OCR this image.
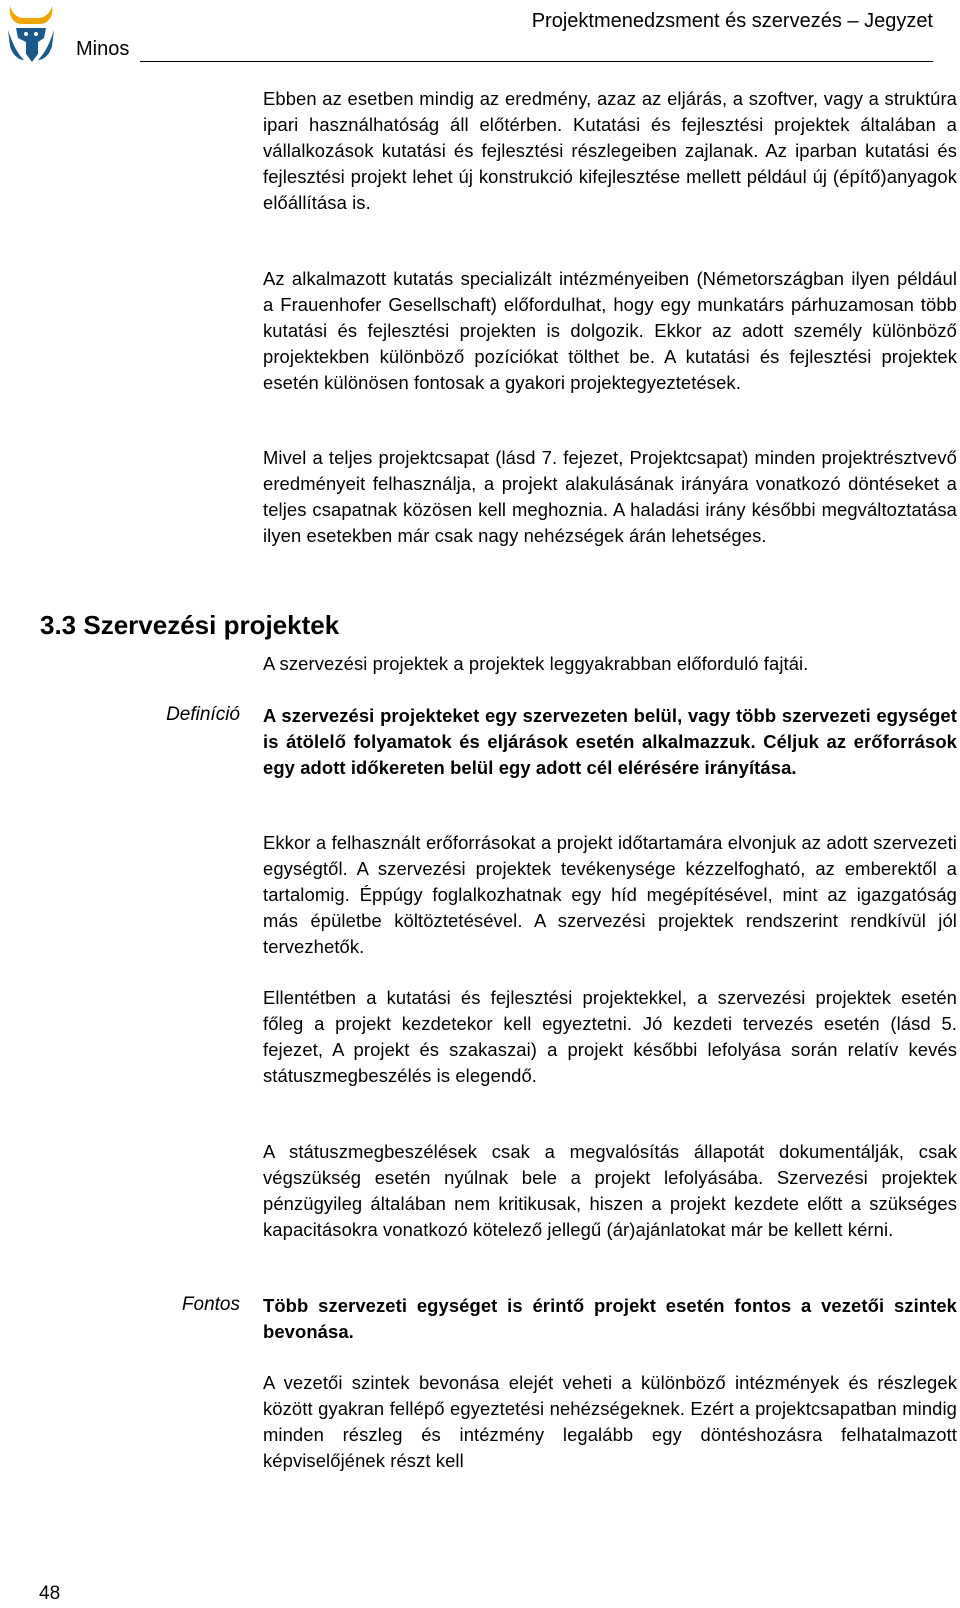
Minos
Projektmenedzsment és szervezés – Jegyzet

Ebben az esetben mindig az eredmény, azaz az eljárás, a szoftver, vagy a struktúra ipari használhatóság áll előtérben. Kutatási és fejlesztési projektek általában a vállalkozások kutatási és fejlesztési részlegeiben zajlanak. Az iparban kutatási és fejlesztési projekt lehet új konstrukció kifejlesztése mellett például új (építő)anyagok előállítása is.

Az alkalmazott kutatás specializált intézményeiben (Németországban ilyen például a Frauenhofer Gesellschaft) előfordulhat, hogy egy munkatárs párhuzamosan több kutatási és fejlesztési projekten is dolgozik. Ekkor az adott személy különböző projektekben különböző pozíciókat tölthet be. A kutatási és fejlesztési projektek esetén különösen fontosak a gyakori projektegyeztetések.

Mivel a teljes projektcsapat (lásd 7. fejezet, Projektcsapat) minden projektrésztvevő eredményeit felhasználja, a projekt alakulásának irányára vonatkozó döntéseket a teljes csapatnak közösen kell meghoznia. A haladási irány későbbi megváltoztatása ilyen esetekben már csak nagy nehézségek árán lehetséges.

3.3 Szervezési projektek

A szervezési projektek a projektek leggyakrabban előforduló fajtái.

Definíció A szervezési projekteket egy szervezeten belül, vagy több szervezeti egységet is átölelő folyamatok és eljárások esetén alkalmazzuk. Céljuk az erőforrások egy adott időkereten belül egy adott cél elérésére irányítása.

Ekkor a felhasznált erőforrásokat a projekt időtartamára elvonjuk az adott szervezeti egységtől. A szervezési projektek tevékenysége kézzelfogható, az emberektől a tartalomig. Éppúgy foglalkozhatnak egy híd megépítésével, mint az igazgatóság más épületbe költöztetésével. A szervezési projektek rendszerint rendkívül jól tervezhetők.

Ellentétben a kutatási és fejlesztési projektekkel, a szervezési projektek esetén főleg a projekt kezdetekor kell egyeztetni. Jó kezdeti tervezés esetén (lásd 5. fejezet, A projekt és szakaszai) a projekt későbbi lefolyása során relatív kevés státuszmegbeszélés is elegendő.

A státuszmegbeszélések csak a megvalósítás állapotát dokumentálják, csak végszükség esetén nyúlnak bele a projekt lefolyásába. Szervezési projektek pénzügyileg általában nem kritikusak, hiszen a projekt kezdete előtt a szükséges kapacitásokra vonatkozó kötelező jellegű (ár)ajánlatokat már be kellett kérni.

Fontos Több szervezeti egységet is érintő projekt esetén fontos a vezetői szintek bevonása.

A vezetői szintek bevonása elejét veheti a különböző intézmények és részlegek között gyakran fellépő egyeztetési nehézségeknek. Ezért a projektcsapatban mindig minden részleg és intézmény legalább egy döntéshozásra felhatalmazott képviselőjének részt kell

48
